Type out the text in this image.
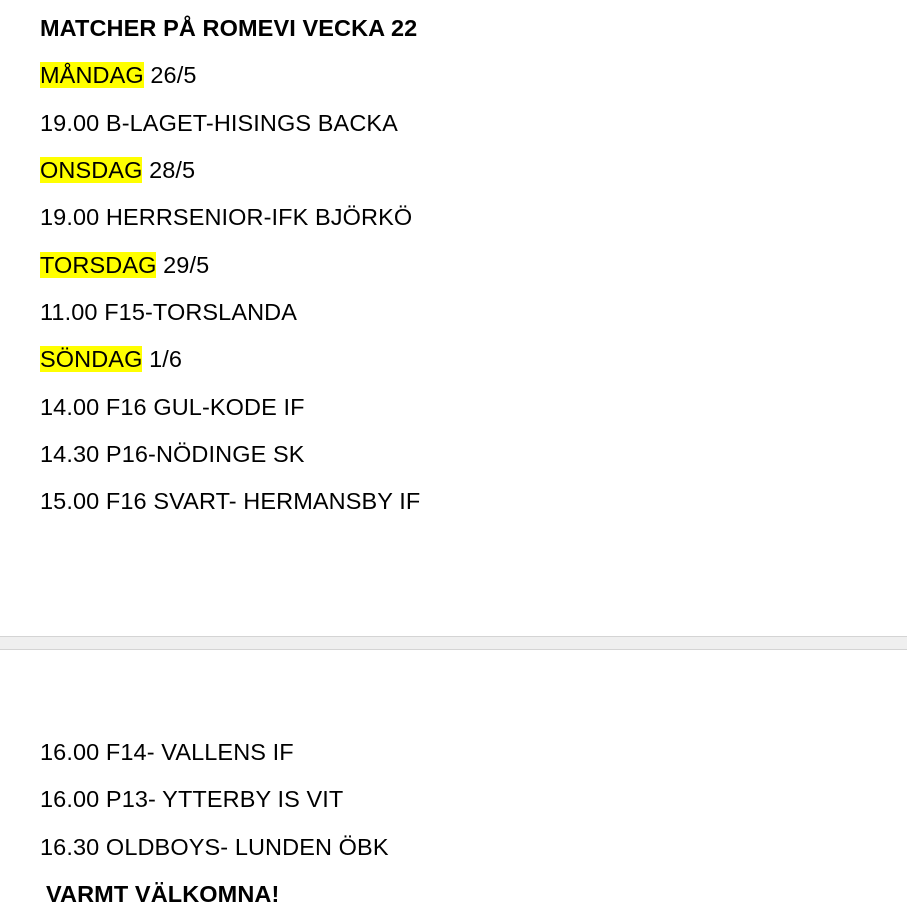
MATCHER PÅ ROMEVI VECKA 22
MÅNDAG 26/5
19.00 B-LAGET-HISINGS BACKA
ONSDAG 28/5
19.00 HERRSENIOR-IFK BJÖRKÖ
TORSDAG 29/5
11.00 F15-TORSLANDA
SÖNDAG 1/6
14.00 F16 GUL-KODE IF
14.30 P16-NÖDINGE SK
15.00 F16 SVART- HERMANSBY IF
16.00 F14- VALLENS IF
16.00 P13- YTTERBY IS VIT
16.30 OLDBOYS- LUNDEN ÖBK
VARMT VÄLKOMNA!
